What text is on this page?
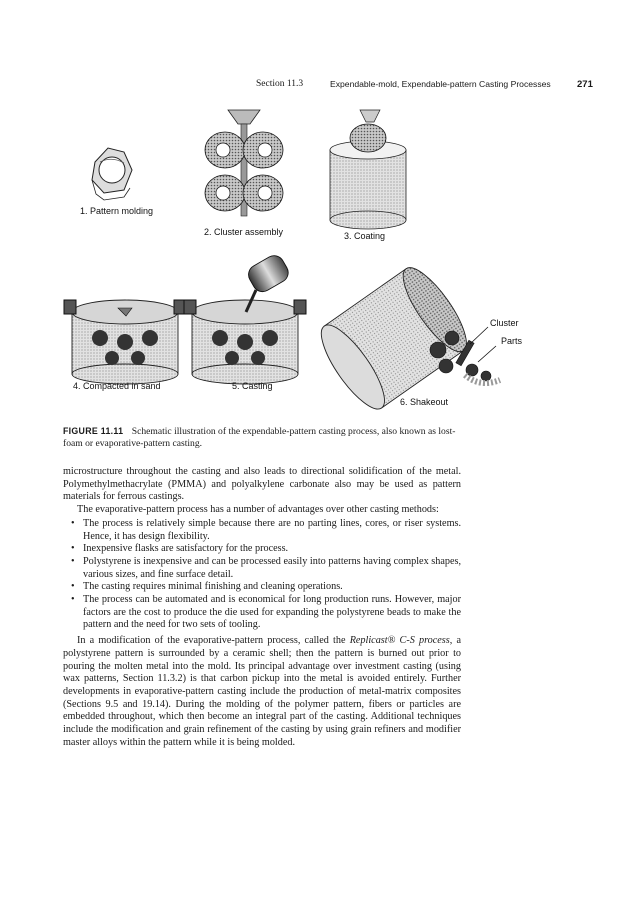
Section 11.3	Expendable-mold, Expendable-pattern Casting Processes	271
1. Pattern molding
2. Cluster assembly	3. Coating
4. Compacted in sand	5. Casting
6. Shakeout
Cluster
Parts
FIGURE 11.11 Schematic illustration of the expendable-pattern casting process, also known as lost-foam or evaporative-pattern casting.

microstructure throughout the casting and also leads to directional solidification of the metal. Polymethylmethacrylate (PMMA) and polyalkylene carbonate also may be used as pattern materials for ferrous castings.

The evaporative-pattern process has a number of advantages over other casting methods:

• The process is relatively simple because there are no parting lines, cores, or riser systems. Hence, it has design flexibility.
• Inexpensive flasks are satisfactory for the process.
• Polystyrene is inexpensive and can be processed easily into patterns having complex shapes, various sizes, and fine surface detail.
• The casting requires minimal finishing and cleaning operations.
• The process can be automated and is economical for long production runs. However, major factors are the cost to produce the die used for expanding the polystyrene beads to make the pattern and the need for two sets of tooling.

In a modification of the evaporative-pattern process, called the Replicast® C-S process, a polystyrene pattern is surrounded by a ceramic shell; then the pattern is burned out prior to pouring the molten metal into the mold. Its principal advantage over investment casting (using wax patterns, Section 11.3.2) is that carbon pickup into the metal is avoided entirely. Further developments in evaporative-pattern casting include the production of metal-matrix composites (Sections 9.5 and 19.14). During the molding of the polymer pattern, fibers or particles are embedded throughout, which then become an integral part of the casting. Additional techniques include the modification and grain refinement of the casting by using grain refiners and modifier master alloys within the pattern while it is being molded.
